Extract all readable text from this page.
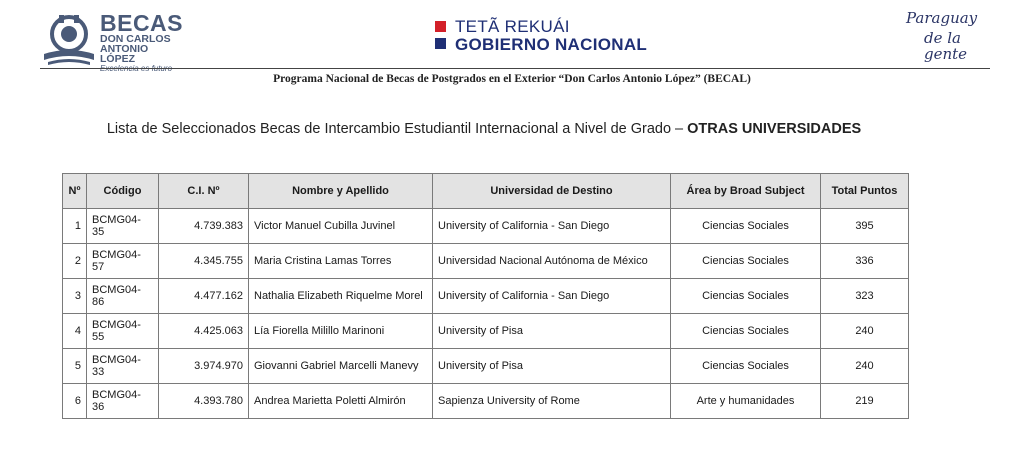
BECAS
DON CARLOS
ANTONIO LÓPEZ
TETÃ REKUÁI
GOBIERNO NACIONAL
Paraguay
de la gente
Programa Nacional de Becas de Postgrados en el Exterior “Don Carlos Antonio López” (BECAL)
Lista de Seleccionados Becas de Intercambio Estudiantil Internacional a Nivel de Grado – OTRAS UNIVERSIDADES
Nº	Código	C.I. Nº	Nombre y Apellido	Universidad de Destino	Área by Broad Subject	Total Puntos
1	BCMG04-35	4.739.383	Victor Manuel Cubilla Juvinel	University of California - San Diego	Ciencias Sociales	395
2	BCMG04-57	4.345.755	Maria Cristina Lamas Torres	Universidad Nacional Autónoma de México	Ciencias Sociales	336
3	BCMG04-86	4.477.162	Nathalia Elizabeth Riquelme Morel	University of California - San Diego	Ciencias Sociales	323
4	BCMG04-55	4.425.063	Lía Fiorella Milillo Marinoni	University of Pisa	Ciencias Sociales	240
5	BCMG04-33	3.974.970	Giovanni Gabriel Marcelli Manevy	University of Pisa	Ciencias Sociales	240
6	BCMG04-36	4.393.780	Andrea Marietta Poletti Almirón	Sapienza University of Rome	Arte y humanidades	219
